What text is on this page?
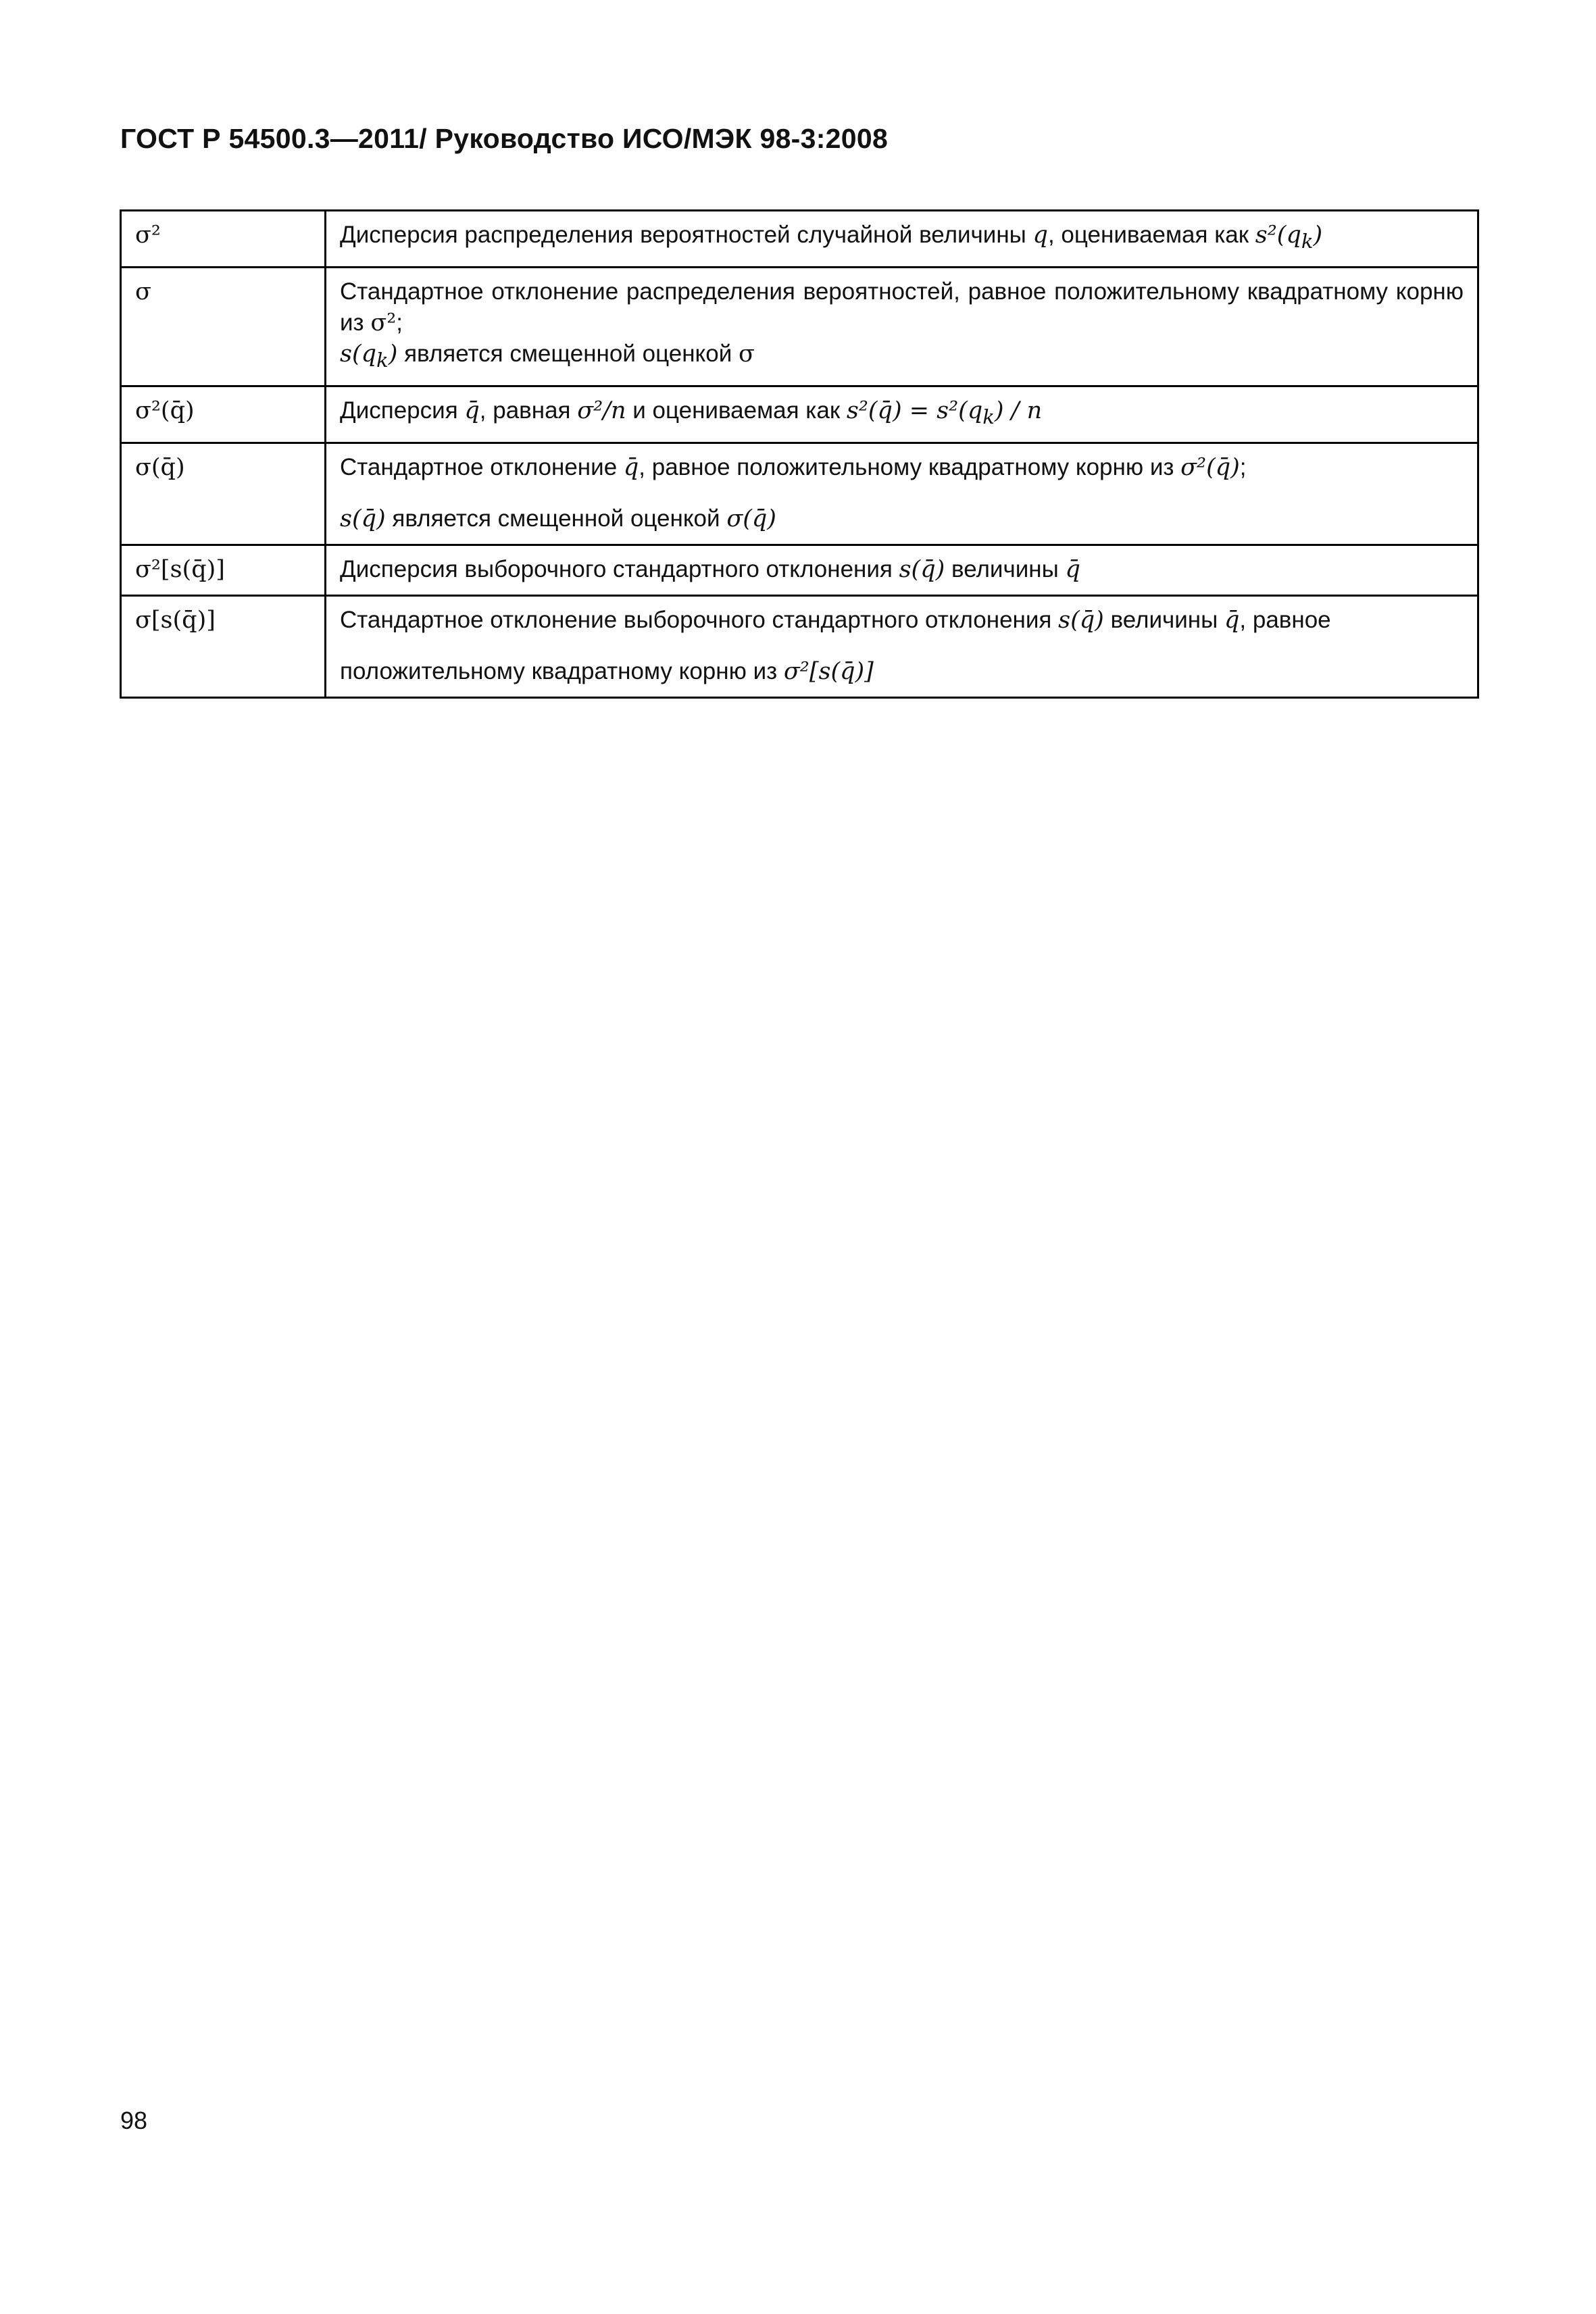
ГОСТ Р 54500.3—2011/ Руководство ИСО/МЭК 98-3:2008
σ²	Дисперсия распределения вероятностей случайной величины q, оцениваемая как $s^2(q_k)$
σ	Стандартное отклонение распределения вероятностей, равное положительному квадратному корню из σ²;
$s(q_k)$ является смещенной оценкой σ

σ²(q̄)	Дисперсия q̄, равная σ²/n и оцениваемая как s²(q̄) = $s^2(q_k)$ / n
σ(q̄)	Стандартное отклонение q̄, равное положительному квадратному корню из σ²(q̄);
s(q̄) является смещенной оценкой σ(q̄)

σ²[s(q̄)]	Дисперсия выборочного стандартного отклонения s(q̄) величины q̄
σ[s(q̄)]	Стандартное отклонение выборочного стандартного отклонения s(q̄) величины q̄, равное
положительному квадратному корню из σ²[s(q̄)]
98
